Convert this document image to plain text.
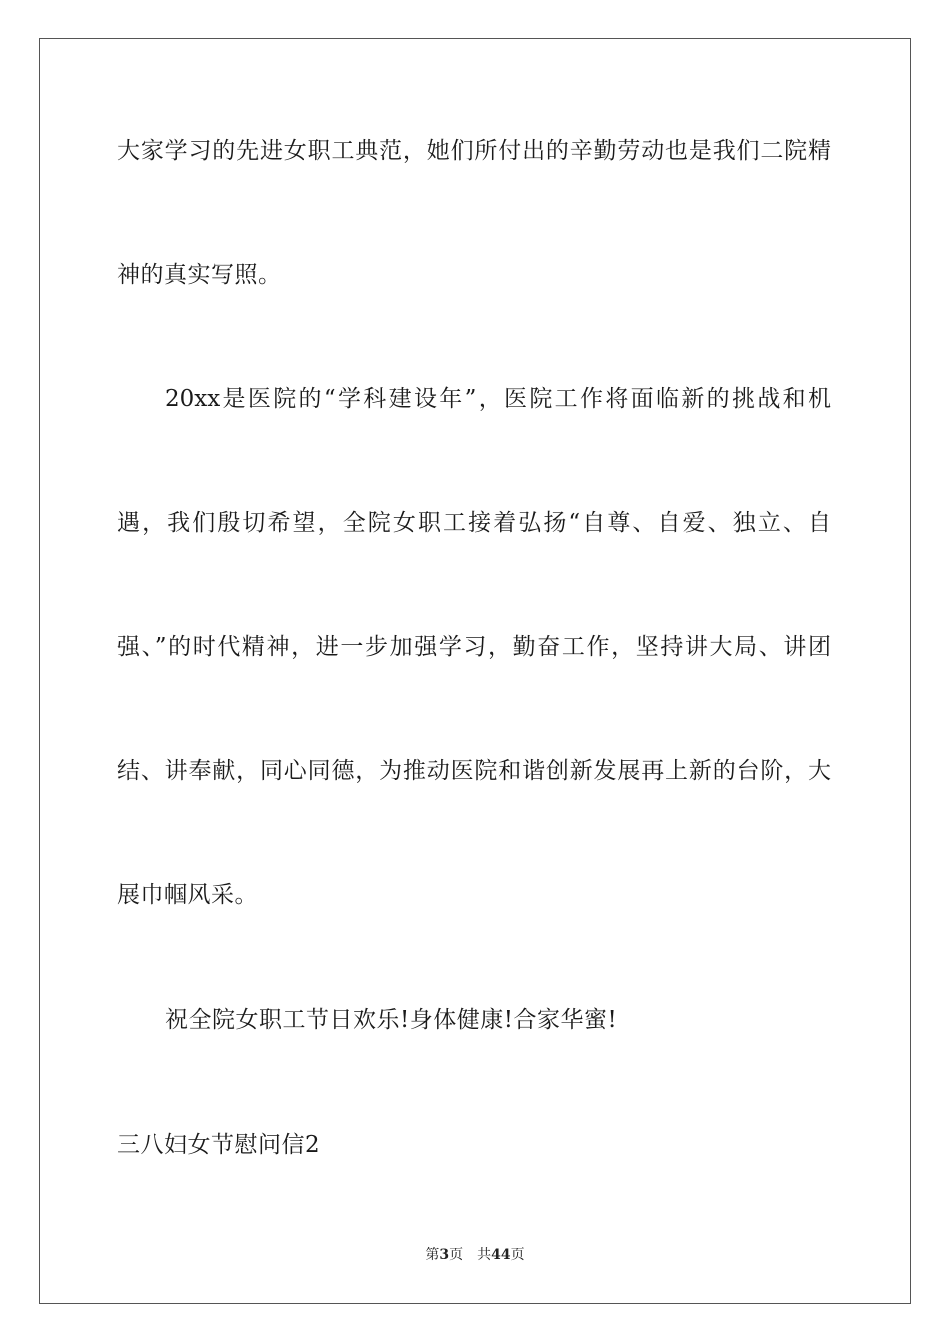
大家学习的先进女职工典范，她们所付出的辛勤劳动也是我们二院精
神的真实写照。
20xx是医院的“学科建设年”，医院工作将面临新的挑战和机
遇，我们殷切希望，全院女职工接着弘扬“自尊、自爱、独立、自
强、”的时代精神，进一步加强学习，勤奋工作，坚持讲大局、讲团
结、讲奉献，同心同德，为推动医院和谐创新发展再上新的台阶，大
展巾帼风采。
祝全院女职工节日欢乐!身体健康!合家华蜜!
三八妇女节慰问信2
第3页 共44页
